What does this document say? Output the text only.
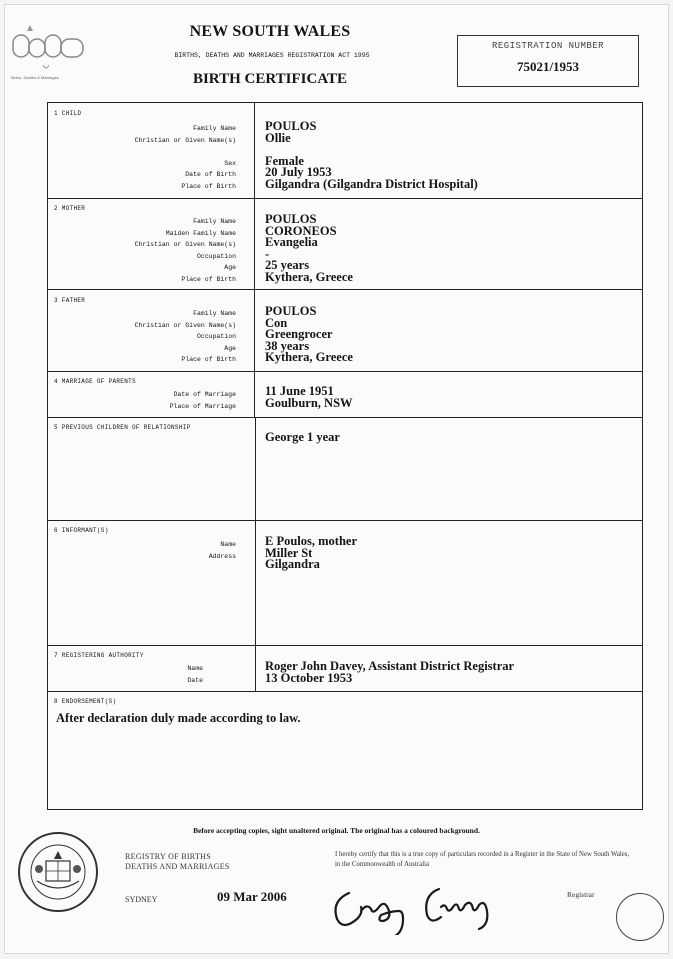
Births, Deaths & Marriages
NEW SOUTH WALES
BIRTHS, DEATHS AND MARRIAGES REGISTRATION ACT 1995
BIRTH CERTIFICATE
REGISTRATION NUMBER
75021/1953
1 CHILD
Family Name
Christian or Given Name(s)
Sex
Date of Birth
Place of Birth
POULOS
Ollie
Female
20 July 1953
Gilgandra (Gilgandra District Hospital)
2 MOTHER
Family Name
Maiden Family Name
Christian or Given Name(s)
Occupation
Age
Place of Birth
POULOS
CORONEOS
Evangelia
-
25 years
Kythera, Greece
3 FATHER
Family Name
Christian or Given Name(s)
Occupation
Age
Place of Birth
POULOS
Con
Greengrocer
38 years
Kythera, Greece
4 MARRIAGE OF PARENTS
Date of Marriage
Place of Marriage
11 June 1951
Goulburn, NSW
5 PREVIOUS CHILDREN OF RELATIONSHIP
George 1 year
6 INFORMANT(S)
Name
Address
E Poulos, mother
Miller St
Gilgandra
7 REGISTERING AUTHORITY
Name
Date
Roger John Davey, Assistant District Registrar
13 October 1953
8 ENDORSEMENT(S)
After declaration duly made according to law.
Before accepting copies, sight unaltered original. The original has a coloured background.
REGISTRY OF BIRTHS
DEATHS AND MARRIAGES
SYDNEY	09 Mar 2006
I hereby certify that this is a true copy of particulars recorded in a Register in the State of New South Wales, in the Commonwealth of Australia
Registrar
